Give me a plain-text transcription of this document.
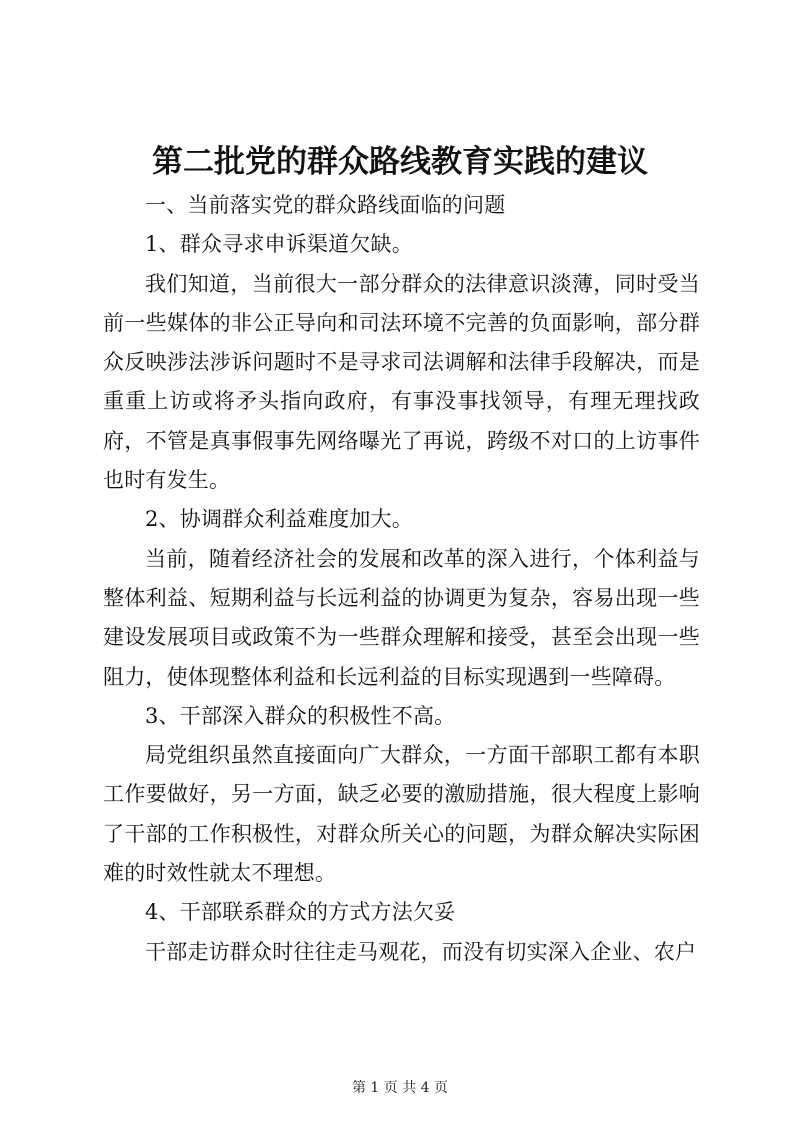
第二批党的群众路线教育实践的建议

一、当前落实党的群众路线面临的问题

1、群众寻求申诉渠道欠缺。

我们知道，当前很大一部分群众的法律意识淡薄，同时受当前一些媒体的非公正导向和司法环境不完善的负面影响，部分群众反映涉法涉诉问题时不是寻求司法调解和法律手段解决，而是重重上访或将矛头指向政府，有事没事找领导，有理无理找政府，不管是真事假事先网络曝光了再说，跨级不对口的上访事件也时有发生。

2、协调群众利益难度加大。

当前，随着经济社会的发展和改革的深入进行，个体利益与整体利益、短期利益与长远利益的协调更为复杂，容易出现一些建设发展项目或政策不为一些群众理解和接受，甚至会出现一些阻力，使体现整体利益和长远利益的目标实现遇到一些障碍。

3、干部深入群众的积极性不高。

局党组织虽然直接面向广大群众，一方面干部职工都有本职工作要做好，另一方面，缺乏必要的激励措施，很大程度上影响了干部的工作积极性，对群众所关心的问题，为群众解决实际困难的时效性就太不理想。

4、干部联系群众的方式方法欠妥

干部走访群众时往往走马观花，而没有切实深入企业、农户

第 1 页 共 4 页
